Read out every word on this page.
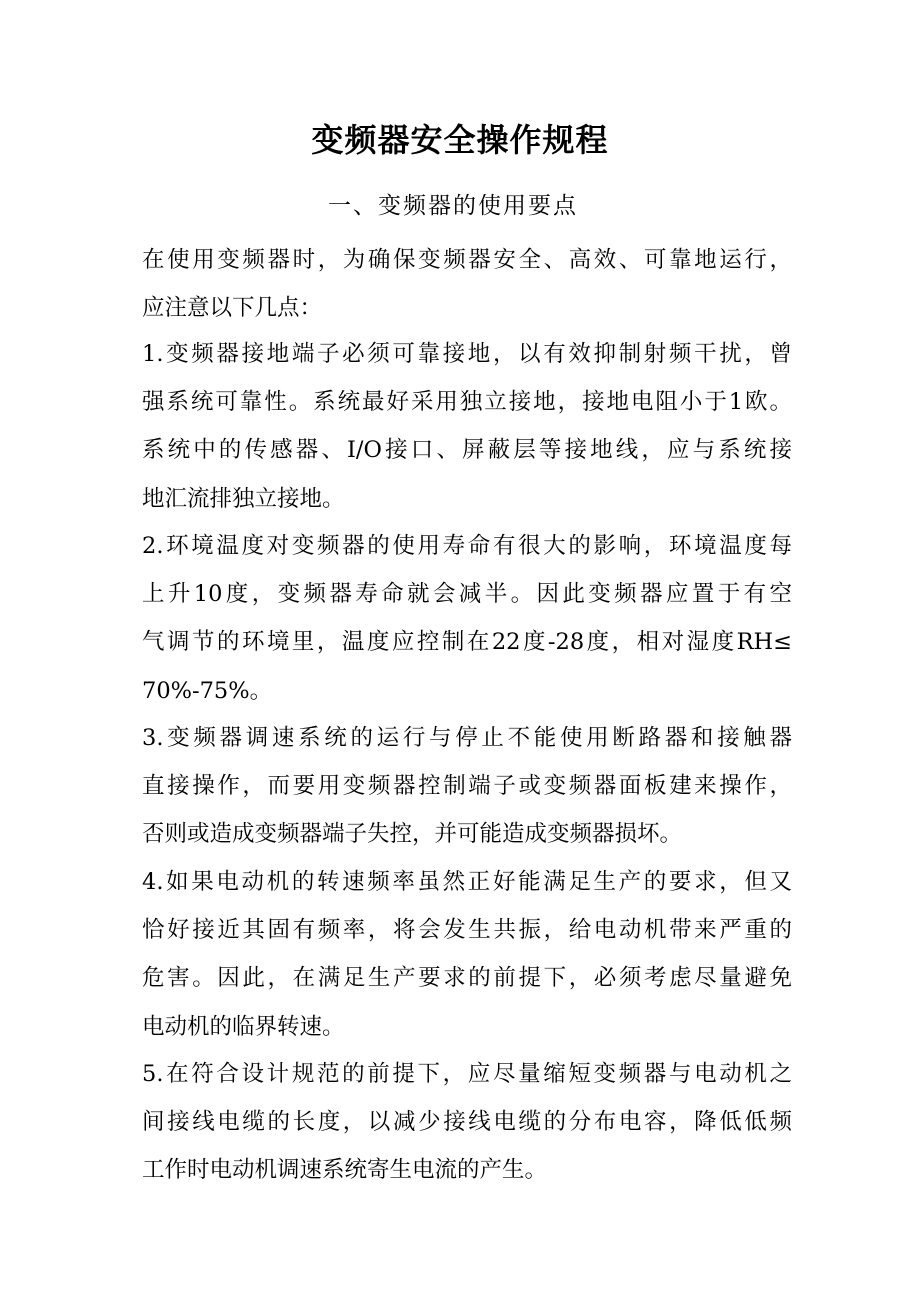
变频器安全操作规程
一、变频器的使用要点
在使用变频器时，为确保变频器安全、高效、可靠地运行，
应注意以下几点：
1.变频器接地端子必须可靠接地，以有效抑制射频干扰，曾
强系统可靠性。系统最好采用独立接地，接地电阻小于1欧。
系统中的传感器、I/O接口、屏蔽层等接地线，应与系统接
地汇流排独立接地。
2.环境温度对变频器的使用寿命有很大的影响，环境温度每
上升10度，变频器寿命就会减半。因此变频器应置于有空
气调节的环境里，温度应控制在22度-28度，相对湿度RH≤
70%-75%。
3.变频器调速系统的运行与停止不能使用断路器和接触器
直接操作，而要用变频器控制端子或变频器面板建来操作，
否则或造成变频器端子失控，并可能造成变频器损坏。
4.如果电动机的转速频率虽然正好能满足生产的要求，但又
恰好接近其固有频率，将会发生共振，给电动机带来严重的
危害。因此，在满足生产要求的前提下，必须考虑尽量避免
电动机的临界转速。
5.在符合设计规范的前提下，应尽量缩短变频器与电动机之
间接线电缆的长度，以减少接线电缆的分布电容，降低低频
工作时电动机调速系统寄生电流的产生。
